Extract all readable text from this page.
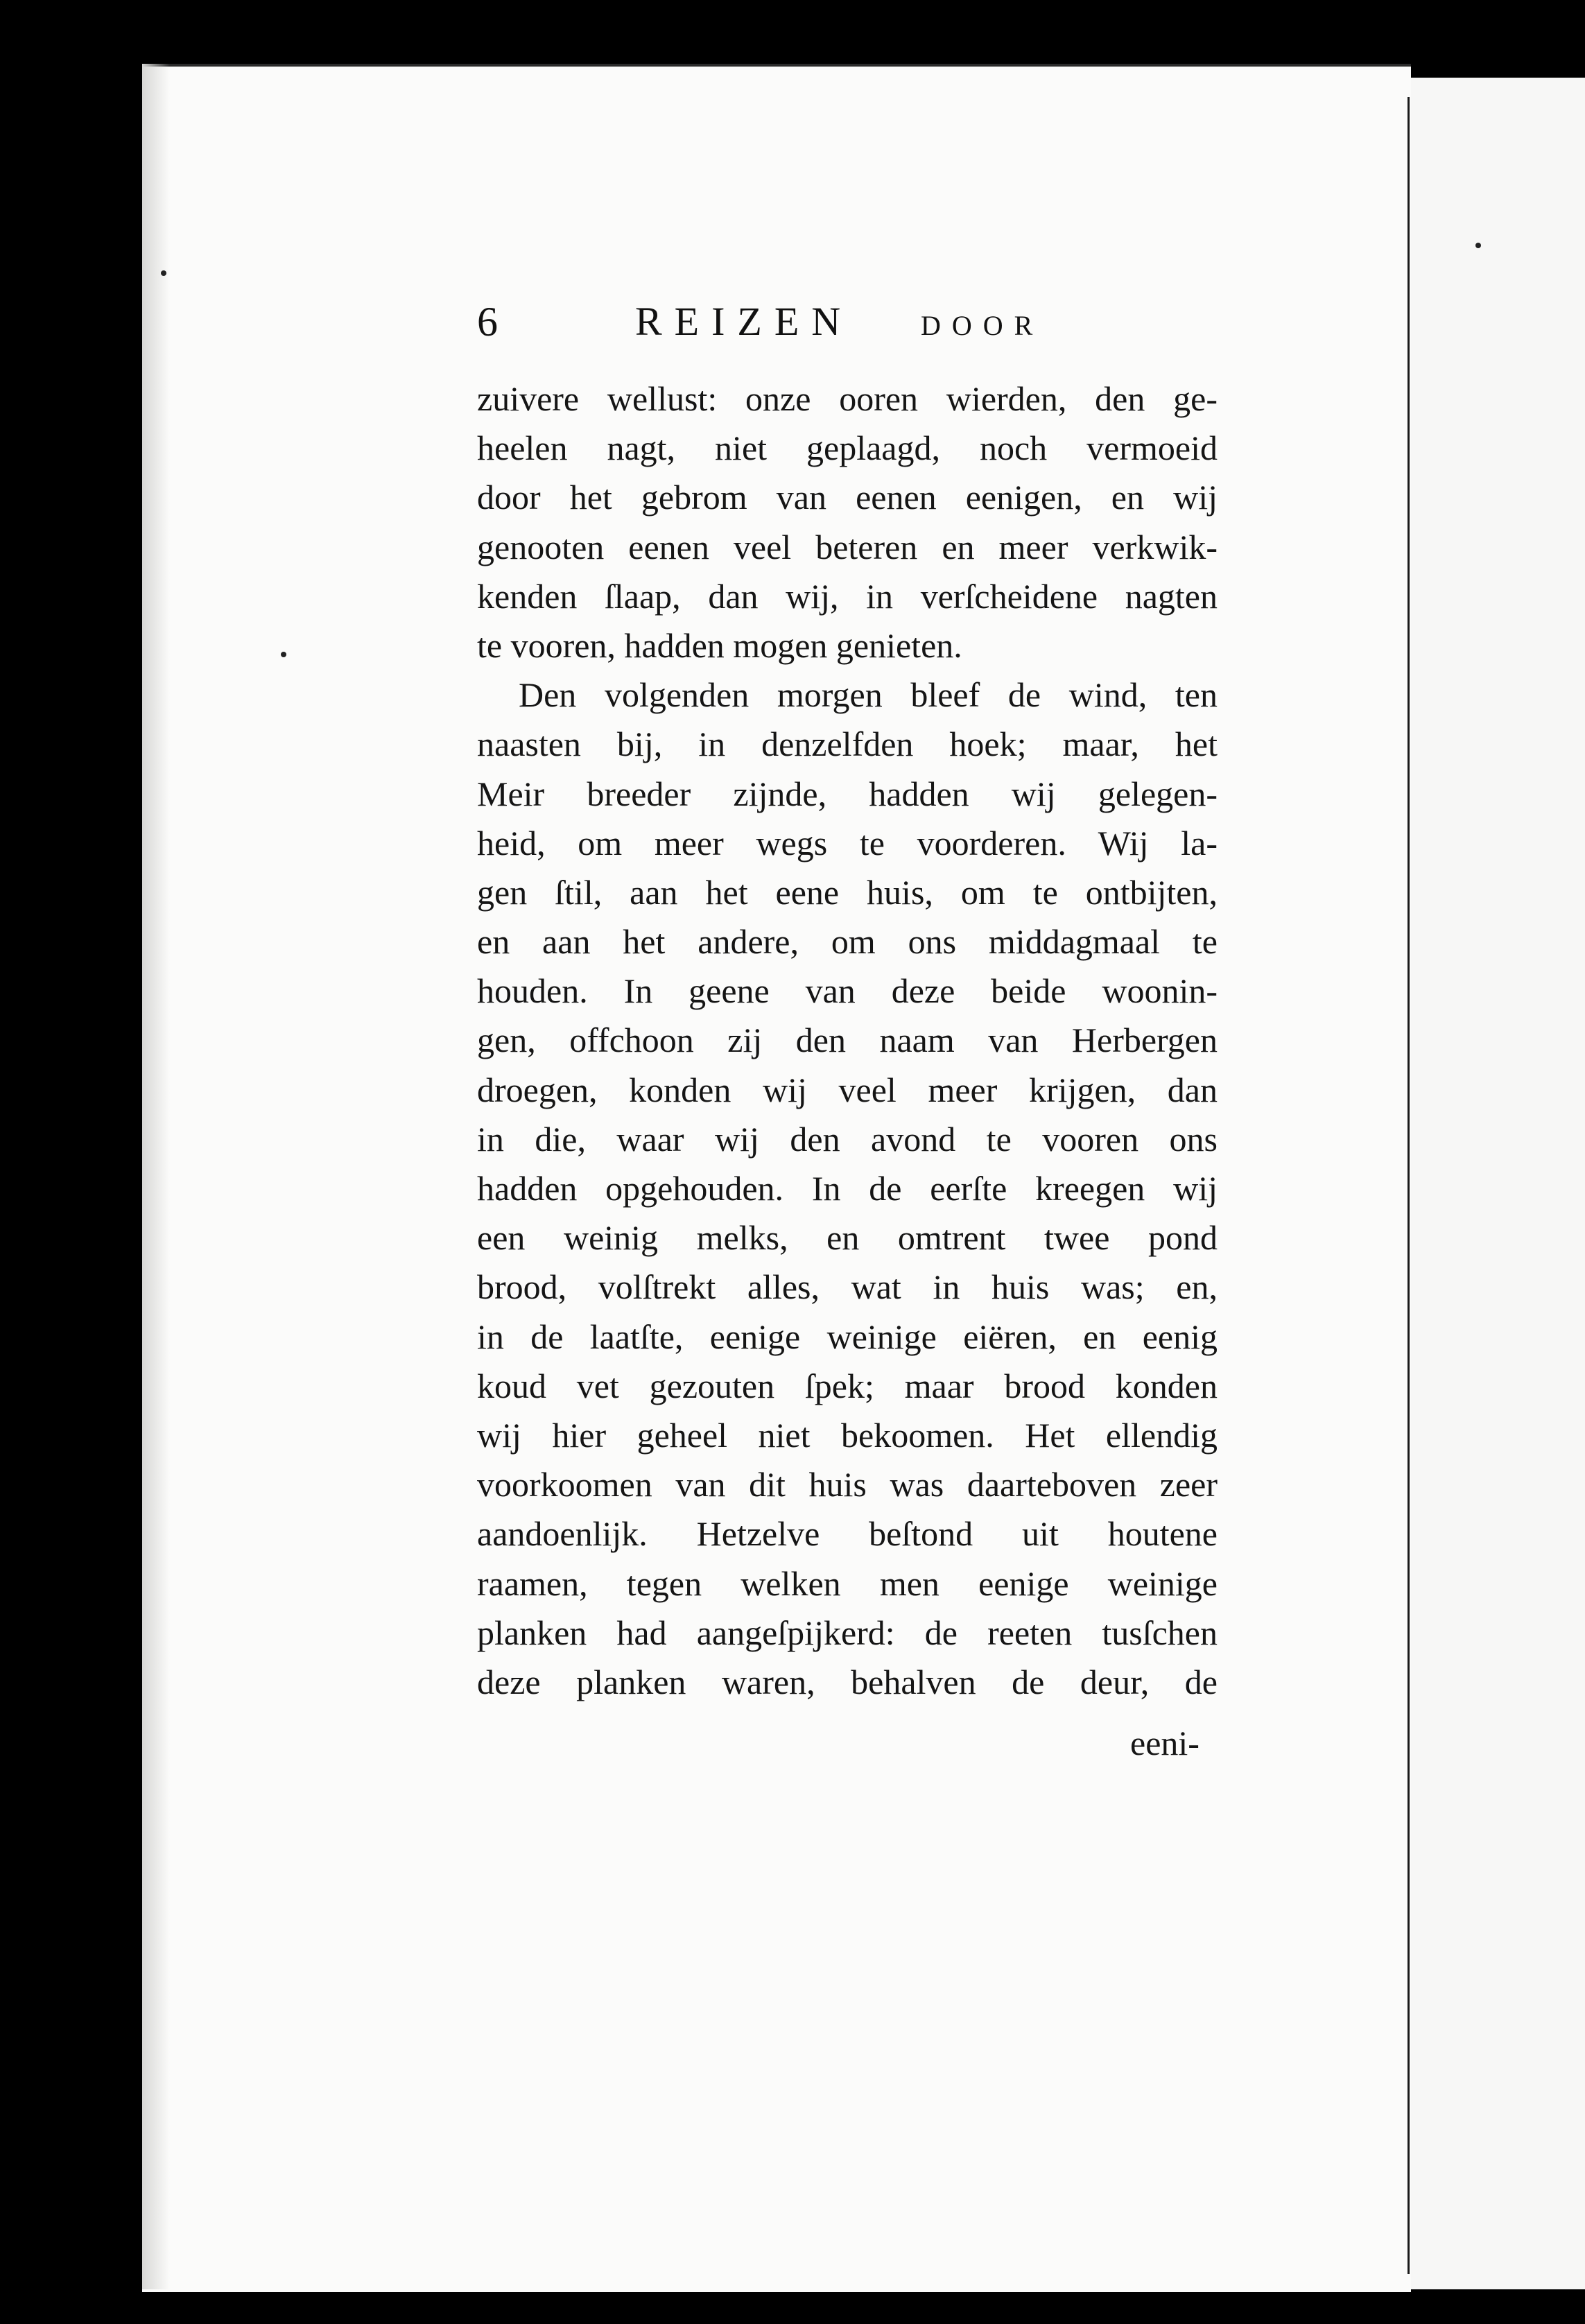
6	REIZEN DOOR
zuivere wellust: onze ooren wierden, den ge-
heelen nagt, niet geplaagd, noch vermoeid
door het gebrom van eenen eenigen, en wij
genooten eenen veel beteren en meer verkwik-
kenden ſlaap, dan wij, in verſcheidene nagten
te vooren, hadden mogen genieten.
Den volgenden morgen bleef de wind, ten
naasten bij, in denzelfden hoek; maar, het
Meir breeder zijnde, hadden wij gelegen-
heid, om meer wegs te voorderen. Wij la-
gen ſtil, aan het eene huis, om te ontbijten,
en aan het andere, om ons middagmaal te
houden. In geene van deze beide woonin-
gen, offchoon zij den naam van Herbergen
droegen, konden wij veel meer krijgen, dan
in die, waar wij den avond te vooren ons
hadden opgehouden. In de eerſte kreegen wij
een weinig melks, en omtrent twee pond
brood, volſtrekt alles, wat in huis was; en,
in de laatſte, eenige weinige eiëren, en eenig
koud vet gezouten ſpek; maar brood konden
wij hier geheel niet bekoomen. Het ellendig
voorkoomen van dit huis was daarteboven zeer
aandoenlijk. Hetzelve beſtond uit houtene
raamen, tegen welken men eenige weinige
planken had aangeſpijkerd: de reeten tusſchen
deze planken waren, behalven de deur, de
eeni-
